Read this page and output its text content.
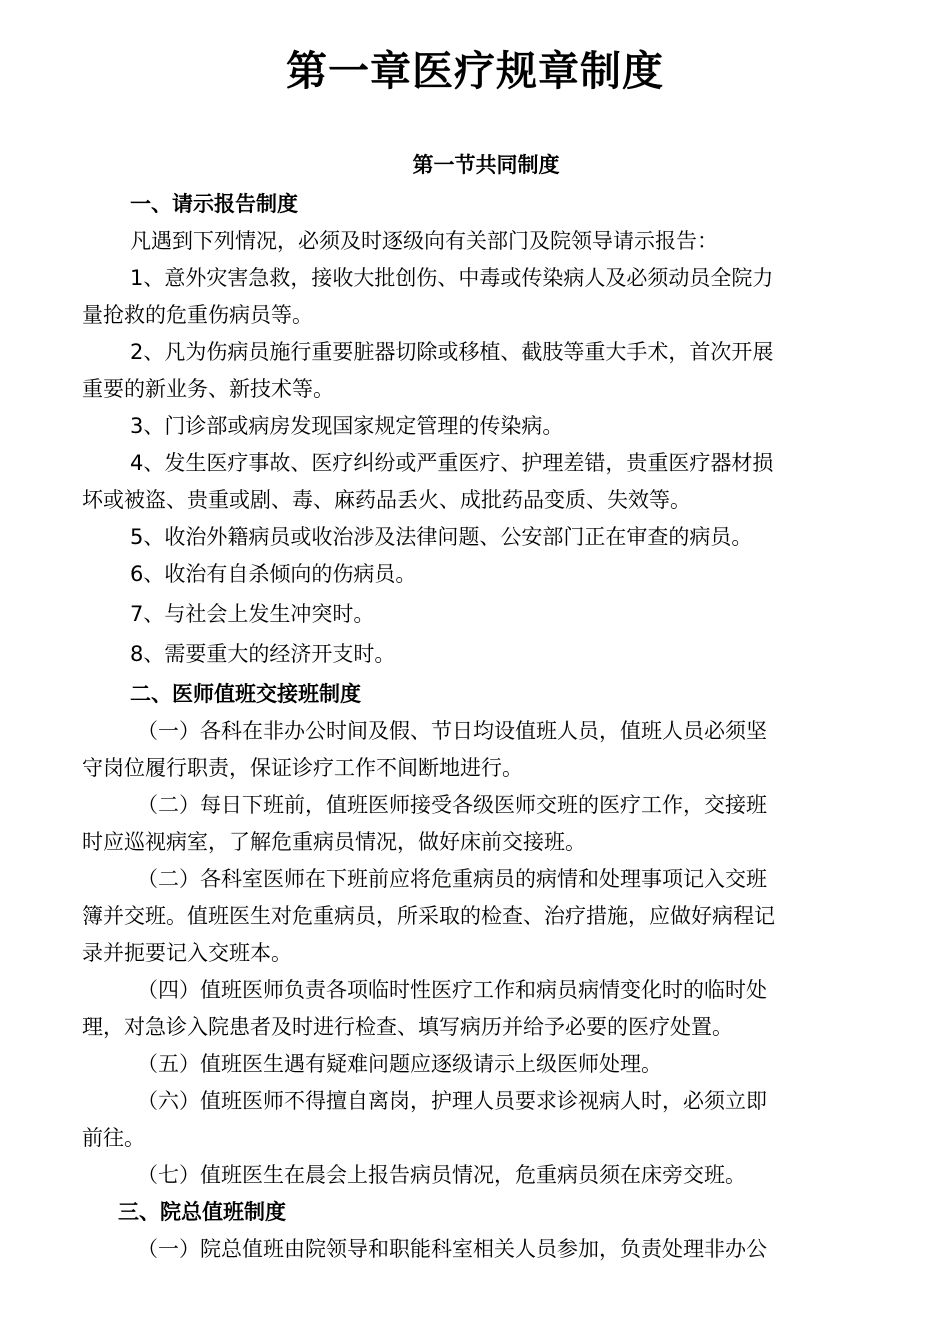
第一章医疗规章制度
第一节共同制度

一、请示报告制度

凡遇到下列情况，必须及时逐级向有关部门及院领导请示报告：

1、意外灾害急救，接收大批创伤、中毒或传染病人及必须动员全院力

量抢救的危重伤病员等。

2、凡为伤病员施行重要脏器切除或移植、截肢等重大手术，首次开展

重要的新业务、新技术等。

3、门诊部或病房发现国家规定管理的传染病。

4、发生医疗事故、医疗纠纷或严重医疗、护理差错，贵重医疗器材损

坏或被盗、贵重或剧、毒、麻药品丢火、成批药品变质、失效等。

5、收治外籍病员或收治涉及法律问题、公安部门正在审查的病员。

6、收治有自杀倾向的伤病员。

7、与社会上发生冲突时。

8、需要重大的经济开支时。

二、医师值班交接班制度

（一）各科在非办公时间及假、节日均设值班人员，值班人员必须坚

守岗位履行职责，保证诊疗工作不间断地进行。

（二）每日下班前，值班医师接受各级医师交班的医疗工作，交接班

时应巡视病室，了解危重病员情况，做好床前交接班。

（二）各科室医师在下班前应将危重病员的病情和处理事项记入交班

簿并交班。值班医生对危重病员，所采取的检查、治疗措施，应做好病程记

录并扼要记入交班本。

（四）值班医师负责各项临时性医疗工作和病员病情变化时的临时处

理，对急诊入院患者及时进行检查、填写病历并给予必要的医疗处置。

（五）值班医生遇有疑难问题应逐级请示上级医师处理。

（六）值班医师不得擅自离岗，护理人员要求诊视病人时，必须立即

前往。

（七）值班医生在晨会上报告病员情况，危重病员须在床旁交班。

三、院总值班制度

（一）院总值班由院领导和职能科室相关人员参加，负责处理非办公
